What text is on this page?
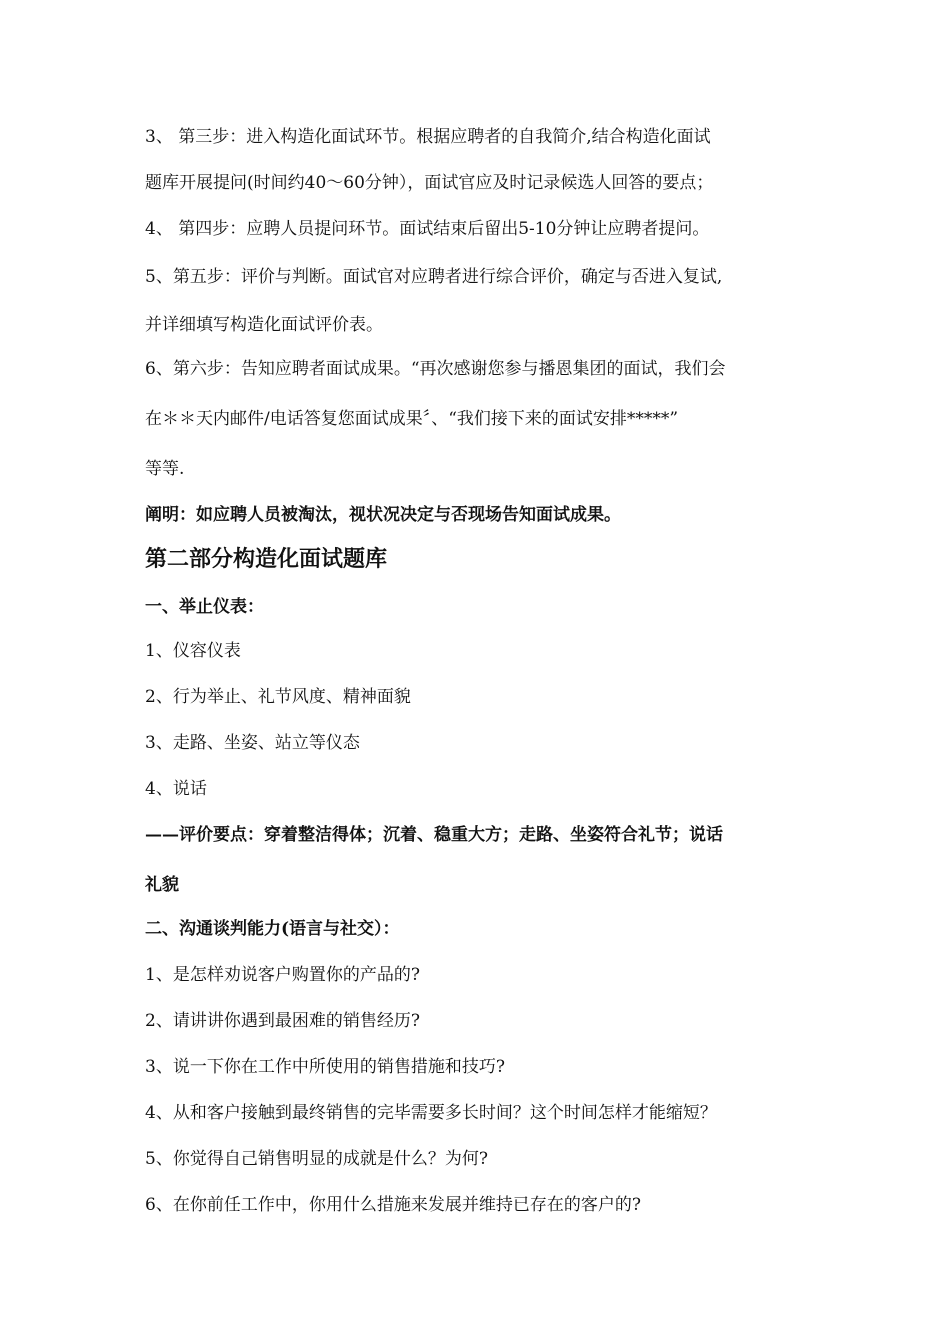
3、 第三步：进入构造化面试环节。根据应聘者的自我简介,结合构造化面试
题库开展提问(时间约40～60分钟），面试官应及时记录候选人回答的要点；
4、 第四步：应聘人员提问环节。面试结束后留出5-10分钟让应聘者提问。
5、第五步：评价与判断。面试官对应聘者进行综合评价，确定与否进入复试,
并详细填写构造化面试评价表。
6、第六步：告知应聘者面试成果。“再次感谢您参与播恩集团的面试，我们会
在＊＊天内邮件/电话答复您面试成果〞、“我们接下来的面试安排*****”
等等.
阐明：如应聘人员被淘汰，视状况决定与否现场告知面试成果。
第二部分构造化面试题库
一、举止仪表：
1、仪容仪表
2、行为举止、礼节风度、精神面貌
3、走路、坐姿、站立等仪态
4、说话
——评价要点：穿着整洁得体；沉着、稳重大方；走路、坐姿符合礼节；说话
礼貌
二、沟通谈判能力(语言与社交）：
1、是怎样劝说客户购置你的产品的?
2、请讲讲你遇到最困难的销售经历?
3、说一下你在工作中所使用的销售措施和技巧?
4、从和客户接触到最终销售的完毕需要多长时间？这个时间怎样才能缩短？
5、你觉得自己销售明显的成就是什么？为何?
6、在你前任工作中，你用什么措施来发展并维持已存在的客户的?
